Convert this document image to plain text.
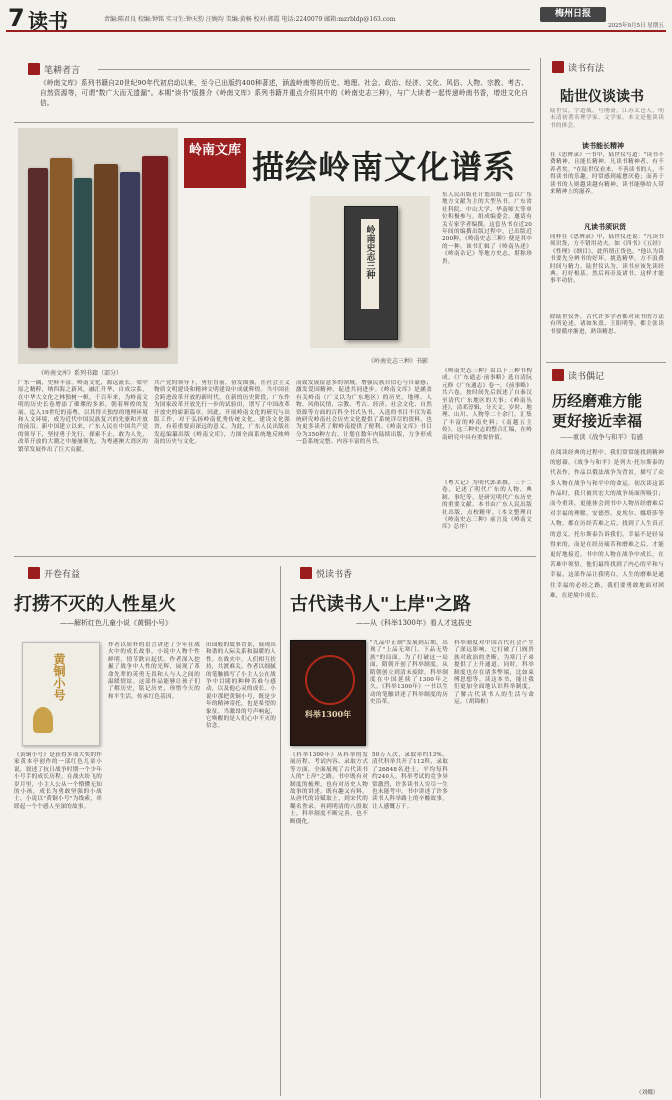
7 读书	责编:陈君良 校编:钟铭 实习生:钟天豹 汪婉均 美编:黄畅 校对:郭霞 电话:2240079 邮箱:mzrbldp@163.com
梅州日报
2025年9月5日 星期五
笔耕者言
《岭南文库》系列书籍自20世纪90年代初启动以来，至今已出版约400种著述，涵盖岭南等的历史、地理、社会、政治、经济、文化、风俗、人物、宗教、考古、自然资源等，可谓"数广大而无遗漏"。本期"读书"版推介《岭南文库》系列书籍并重点介绍其中的《岭南史志三种》，与广大读者一起传递岭南书香，增进文化自信。
《岭南文库》系列书籍（部分）
岭南文库 描绘岭南文化谱系
岭南史志三种
《岭南史志三种》书影
东人民出版社计划出版一套以广东地方文献为主的大型丛书，广东省社科院、中山大学、华南师大等单位积极参与，组成编委会，邀请有关专家学者编撰。这套丛书在近20年间的编撰出版过程中，已出版近200种。《岭南史志三种》便是其中的一种。该书汇辑了《岭南丛述》《岭南杂记》等地方史志，堪称珍贵。
《岭南史志三种》由以下三种书构成。《广东通志·前事略》选自清阮元修《广东通志》卷一，《前事略》共六卷，按时间先后叙述了自秦汉至清代广东地区的大事；《岭南丛述》，清邓淳辑，分天文、岁时、地理、山川、人物等二十余门，汇集了丰富的岭南史料；《南越五主传》。这三种史志的整合汇编，在岭南研究中具有重要价值。
《粤大记》为明代郭棐撰，三十二卷，记述了明代广东的人物、典制、事纪等，是研究明代广东历史的重要文献。本书由广东人民出版社出版，点校精审。（本文整理自《岭南史志三种》前言及《岭南文库》总序）
广东一隅，史料丰富。岭南文化，源远流长。梁中原之精粹，纳四海之新风，融汇升华，自成宗系，在中华大文化之林独树一帜。千百年来，为岭南文明的历史长卷增添了璀璨的多彩，朝着辉煌的发展。迄入19世纪的南粤，以其得天独厚的地理环境和人文环境，成为近代中国民族复兴的先驱和开放的前沿。新中国建立以来，广东人民在中国共产党的领导下，坚持勇于先行，探索不止，敢为人先，改革开放的大潮之中屡屡领先，为粤港澳大湾区的繁荣发展作出了巨大贡献。
共产党的领导下，勇往直前，奋发图强，在社会主义物质文明建设和精神文明建设中成就辉煌。当中国社会跨进改革开放的新时代，在新的历史阶段，广东作为国家改革开放先行一步的试验田，谱写了中国改革开放史的崭新篇章。因此，开展岭南文化的研究与出版工作，对于弘扬岭南优秀传统文化，建设文化强省，有着重要而深远的意义。为此，广东人民出版社发起编纂出版《岭南文库》，力图全面系统地反映岭南的历史与文化。
而致发展留意多的领域，增强民族自信心与自豪感；激发爱国精神，促进共同进步。《岭南文库》是涵盖有关岭南（广义以为广东地区）的历史、地理、人物、风俗民情、宗教、考古、经济、社会文化、自然资源等方面的百科全书式丛书。入选的书目不仅为系统研究岭南社会历史文化提供了系统详尽的资料，也为更多读者了解岭南提供了便利。《岭南文库》书目分为350种左右，计划在数年内陆续出版，力争形成一套系统完整、内容丰富的丛书。
读书有法
陆世仪谈读书
陆世仪，字道威，号刚斋，江苏太仓人，明末清初著名理学家、文学家。本文是他谈读书的体会。
读书能长精神
在《思辨录》一书中，陆世仪写道："读书不费精神，且能长精神。凡读书精神者，有不养者矣。"在陆世仪看来，不善读书的人，不得读书的乐趣，时常感到疲惫厌倦；而善于读书的人则越读越有精神，读书能够给人带来精神上的滋养。
凡读书须识货
同样在《思辨录》中，陆世仪还说："凡读书须识货，方不错用功夫。如《四书》《五经》《性理》《纲目》，此所谓正货也。"他认为读书要先分辨书的好坏，挑选精华，方不浪费时间与精力。陆世仪认为，读书应该先读经典，打好根基，然后再旁及诸书，这样才能事半功倍。
除陆世仪外，古代许多学者都对读书的方法有所论述，诸如朱熹、王阳明等，都主张读书要循序渐进，熟读精思。
读书偶记
历经磨难方能
更好接近幸福
——重读《战争与和平》有感
在阅读经典的过程中，我们常常能找到精神的慰藉。《战争与和平》是列夫·托尔斯泰的代表作，作品以俄法战争为背景，描写了众多人物在战争与和平中的命运。初次读这部作品时，我只被其宏大的战争场面所吸引；而今重读，更能体会到书中人物历经磨难后对幸福的理解。安德烈、皮埃尔、娜塔莎等人物，都在历经苦难之后，找到了人生真正的意义。托尔斯泰告诉我们，幸福不是轻易得来的，而是在经历痛苦和磨难之后，才能更好地接近。书中的人物在战争中成长，在苦难中领悟，他们最终找到了内心的平和与幸福。这部作品让我明白，人生的磨难是通往幸福的必经之路，我们要勇敢地面对困难，在逆境中成长。
（刘娜）
开卷有益
打捞不灭的人性星火
——解析红色儿童小说《黄铜小号》
黄铜小号
《黄铜小号》是获得多项大奖的作家黄本亭创作的一部红色儿童小说，叙述了抗日战争时期一个少年小号手的成长历程。在战火纷飞的岁月里，小主人公从一个懵懂无知的小孩，成长为勇敢坚强的小战士。小说以"黄铜小号"为线索，串联起一个个感人至深的故事。
作者以质朴的语言讲述了少年在战火中的成长故事，小说中人物个性鲜明，情节跌宕起伏。作者深入挖掘了战争中人性的光辉，展现了革命先辈的英勇无畏和人与人之间的温暖情谊。这部作品能够让孩子们了解历史，铭记历史，珍惜今天的和平生活，传承红色基因。
田园般的故事背景，展现出和谐的人际关系和温暖的人性。在战火中，人们相互扶持，共渡难关。作者以细腻的笔触描写了小主人公在战争中目睹的种种苦难与感动，以及他心灵的成长。小说中那把黄铜小号，既是少年的精神寄托，也是希望的象征。当激昂的号声响起，它唤醒的是人们心中不灭的信念。
悦读书香
古代读书人"上岸"之路
——从《科举1300年》看人才选拔史
科举1300年
"九品中正制"发展到后期，出现了"上品无寒门，下品无势族"的局面。为了打破这一局面，隋朝开创了科举制度。从隋朝创立到清末废除，科举制度在中国延续了1300年之久。《科举1300年》一书以生动的笔触讲述了科举制度的历史沿革。
《科举1300年》从科举的发展历程、考试内容、录取方式等方面，全面展现了古代读书人的"上岸"之路。书中既有对制度的梳理，也有对历史人物故事的讲述，既有趣又有料。从唐代的诗赋取士，到宋代的糊名誊录，再到明清的八股取士，科举制度不断完善，也不断僵化。
50万人次，录取率约13%。清代科举共开了112科，录取了26848名进士，平均每科约240人。科举考试的竞争异常激烈，许多读书人穷尽一生也未能考中。书中讲述了许多读书人科举路上的辛酸故事，让人感慨万千。
科举制度对中国古代社会产生了深远影响，它打破了门阀贵族对政治的垄断，为寒门子弟提供了上升通道。同时，科举制度也存在诸多弊端，比如束缚思想等。读这本书，能让我们更加全面地认识科举制度，了解古代读书人的生活与命运。（胡锦枢）
